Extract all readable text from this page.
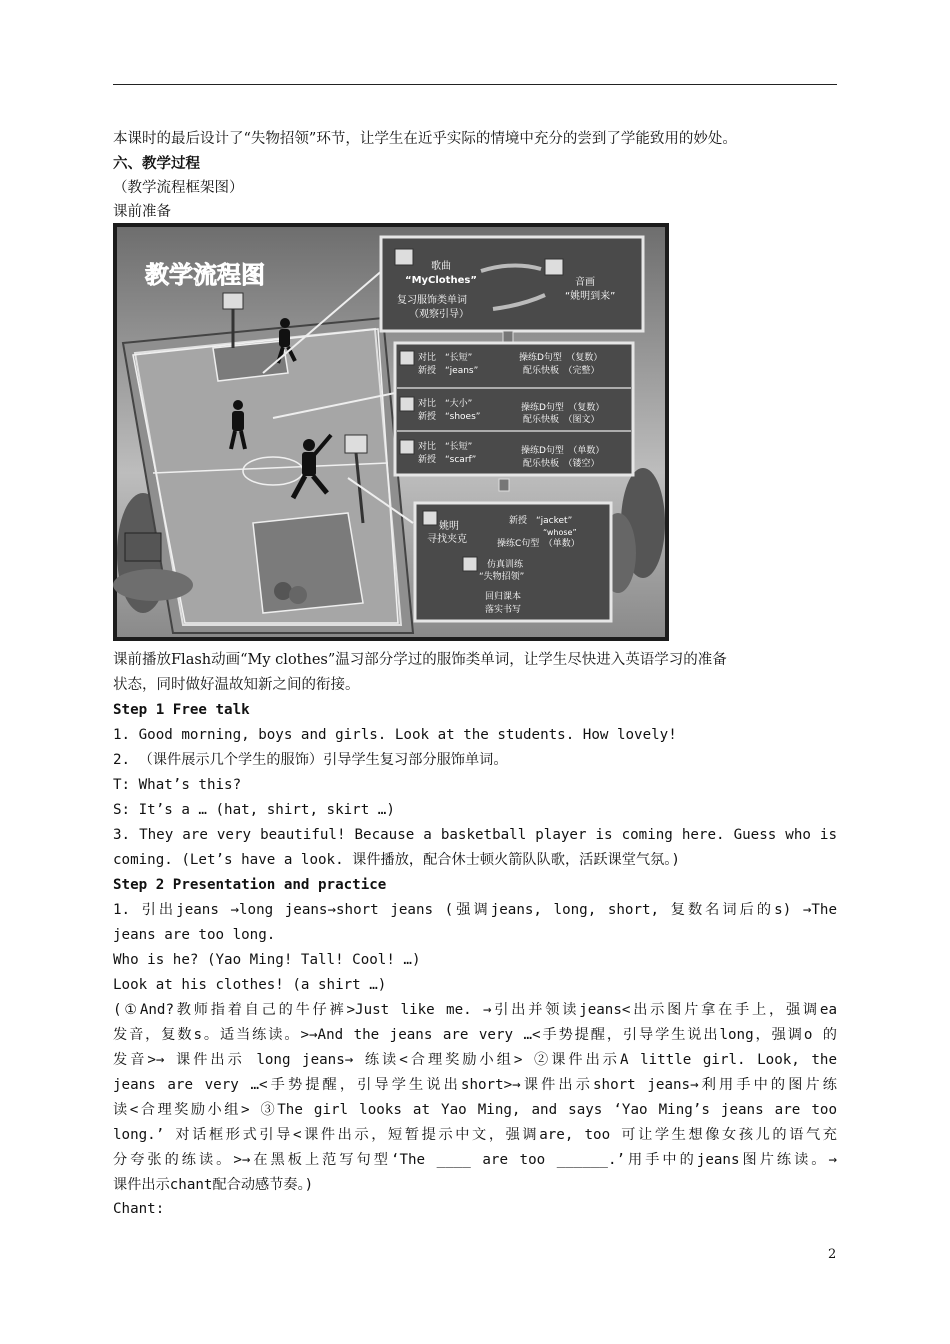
本课时的最后设计了“失物招领”环节，让学生在近乎实际的情境中充分的尝到了学能致用的妙处。
六、教学过程
（教学流程框架图）
课前准备
教学流程图	歌曲
“MyClothes”	音画
“姚明到来”
复习服饰类单词
（观察引导）
对比　“长短”
新授　“jeans”
操练D句型　（复数）
配乐快板　（完整）
对比　“大小”
新授　“shoes”
操练D句型　（复数）
配乐快板　（图文）
对比　“长短”
新授　“scarf”
操练D句型　（单数）
配乐快板　（镂空）
姚明
寻找夹克
新授　“jacket”
“whose”
操练C句型　（单数）
仿真训练
“失物招领”
回归课本
落实书写
课前播放Flash动画“My clothes”温习部分学过的服饰类单词，让学生尽快进入英语学习的准备
状态，同时做好温故知新之间的衔接。
Step 1 Free talk
1. Good morning, boys and girls. Look at the students. How lovely!
2. （课件展示几个学生的服饰）引导学生复习部分服饰单词。
T: What’s this?
S: It’s a … (hat, shirt, skirt …)
3. They are very beautiful! Because a basketball player is coming here. Guess who is
coming. (Let’s have a look. 课件播放，配合休士顿火箭队队歌，活跃课堂气氛。)
Step 2 Presentation and practice
1. 引出jeans →long jeans→short jeans (强调jeans, long, short, 复数名词后的s) →The
jeans are too long.
Who is he? (Yao Ming! Tall! Cool! …)
Look at his clothes! (a shirt …)
(①And?教师指着自己的牛仔裤>Just like me. →引出并领读jeans<出示图片拿在手上，强调ea
发音，复数s。适当练读。>→And the jeans are very …<手势提醒，引导学生说出long，强调o 的
发音>→ 课件出示 long jeans→ 练读<合理奖励小组> ②课件出示A little girl. Look, the
jeans are very …<手势提醒，引导学生说出short>→课件出示short jeans→利用手中的图片练
读<合理奖励小组> ③The girl looks at Yao Ming, and says ‘Yao Ming’s jeans are too
long.’ 对话框形式引导<课件出示，短暂提示中文，强调are, too 可让学生想像女孩儿的语气充
分夸张的练读。>→在黑板上范写句型‘The ____ are too ______.’用手中的jeans图片练读。→
课件出示chant配合动感节奏。)
Chant:
2
